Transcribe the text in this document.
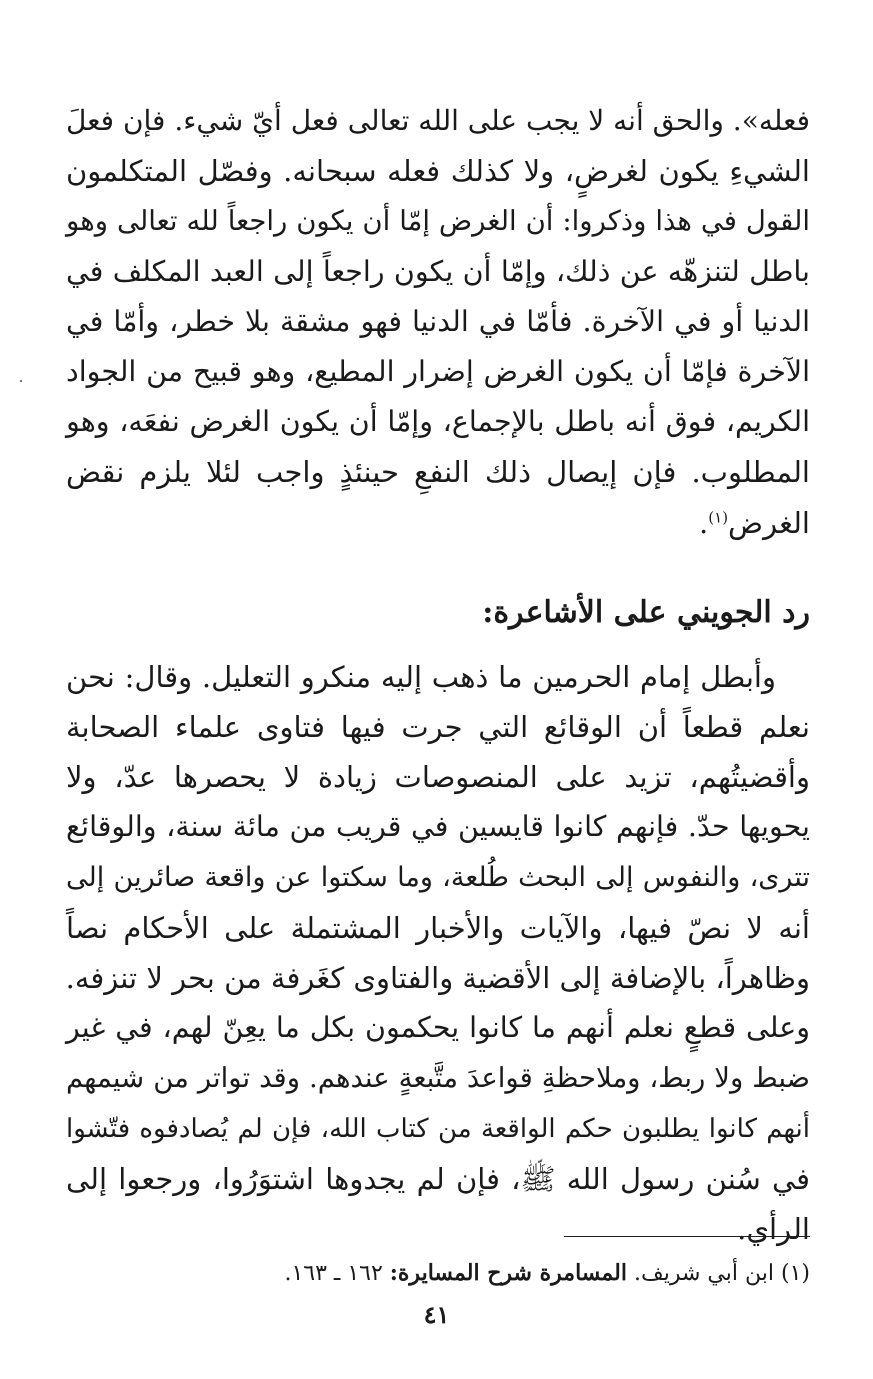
فعله». والحق أنه لا يجب على الله تعالى فعل أيّ شيء. فإن فعلَ
الشيءِ يكون لغرضٍ، ولا كذلك فعله سبحانه. وفصّل المتكلمون
القول في هذا وذكروا: أن الغرض إمّا أن يكون راجعاً لله تعالى وهو
باطل لتنزهّه عن ذلك، وإمّا أن يكون راجعاً إلى العبد المكلف في
الدنيا أو في الآخرة. فأمّا في الدنيا فهو مشقة بلا خطر، وأمّا في
الآخرة فإمّا أن يكون الغرض إضرار المطيع، وهو قبيح من الجواد
الكريم، فوق أنه باطل بالإجماع، وإمّا أن يكون الغرض نفعَه، وهو
المطلوب. فإن إيصال ذلك النفعِ حينئذٍ واجب لئلا يلزم نقض
الغرض$^{(١)}$.

رد الجويني على الأشاعرة:

وأبطل إمام الحرمين ما ذهب إليه منكرو التعليل. وقال: نحن
نعلم قطعاً أن الوقائع التي جرت فيها فتاوى علماء الصحابة
وأقضيتُهم، تزيد على المنصوصات زيادة لا يحصرها عدّ، ولا
يحويها حدّ. فإنهم كانوا قايسين في قريب من مائة سنة، والوقائع
تترى، والنفوس إلى البحث طُلعة، وما سكتوا عن واقعة صائرين إلى
أنه لا نصّ فيها، والآيات والأخبار المشتملة على الأحكام نصاً
وظاهراً، بالإضافة إلى الأقضية والفتاوى كغَرفة من بحر لا تنزفه.
وعلى قطعٍ نعلم أنهم ما كانوا يحكمون بكل ما يعِنّ لهم، في غير
ضبط ولا ربط، وملاحظةِ قواعدَ متَّبعةٍ عندهم. وقد تواتر من شيمهم
أنهم كانوا يطلبون حكم الواقعة من كتاب الله، فإن لم يُصادفوه فتّشوا
في سُنن رسول الله ﷺ، فإن لم يجدوها اشتوَرُوا، ورجعوا إلى
الرأي.

(١) ابن أبي شريف. المسامرة شرح المسايرة: ١٦٢ ـ ١٦٣.
٤١
